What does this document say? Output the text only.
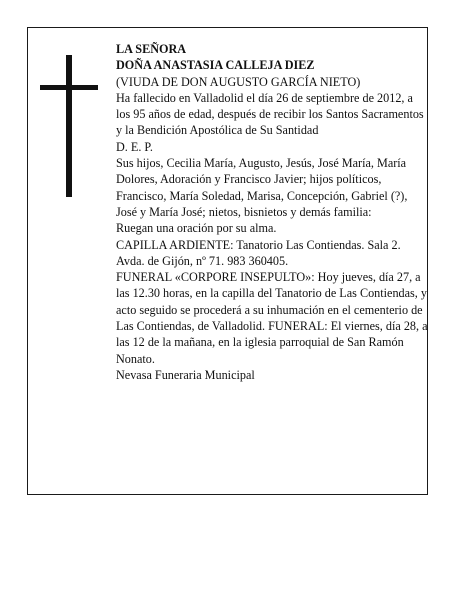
LA SEÑORA

DOÑA ANASTASIA CALLEJA DIEZ

(VIUDA DE DON AUGUSTO GARCÍA NIETO)

Ha fallecido en Valladolid el día 26 de septiembre de 2012, a los 95 años de edad, después de recibir los Santos Sacramentos y la Bendición Apostólica de Su Santidad

D. E. P.

Sus hijos, Cecilia María, Augusto, Jesús, José María, María Dolores, Adoración y Francisco Javier; hijos políticos, Francisco, María Soledad, Marisa, Concepción, Gabriel (?), José y María José; nietos, bisnietos y demás familia:

Ruegan una oración por su alma.

CAPILLA ARDIENTE: Tanatorio Las Contiendas. Sala 2. Avda. de Gijón, nº 71. 983 360405.

FUNERAL «CORPORE INSEPULTO»: Hoy jueves, día 27, a las 12.30 horas, en la capilla del Tanatorio de Las Contiendas, y acto seguido se procederá a su inhumación en el cementerio de Las Contiendas, de Valladolid. FUNERAL: El viernes, día 28, a las 12 de la mañana, en la iglesia parroquial de San Ramón Nonato.

Nevasa Funeraria Municipal
